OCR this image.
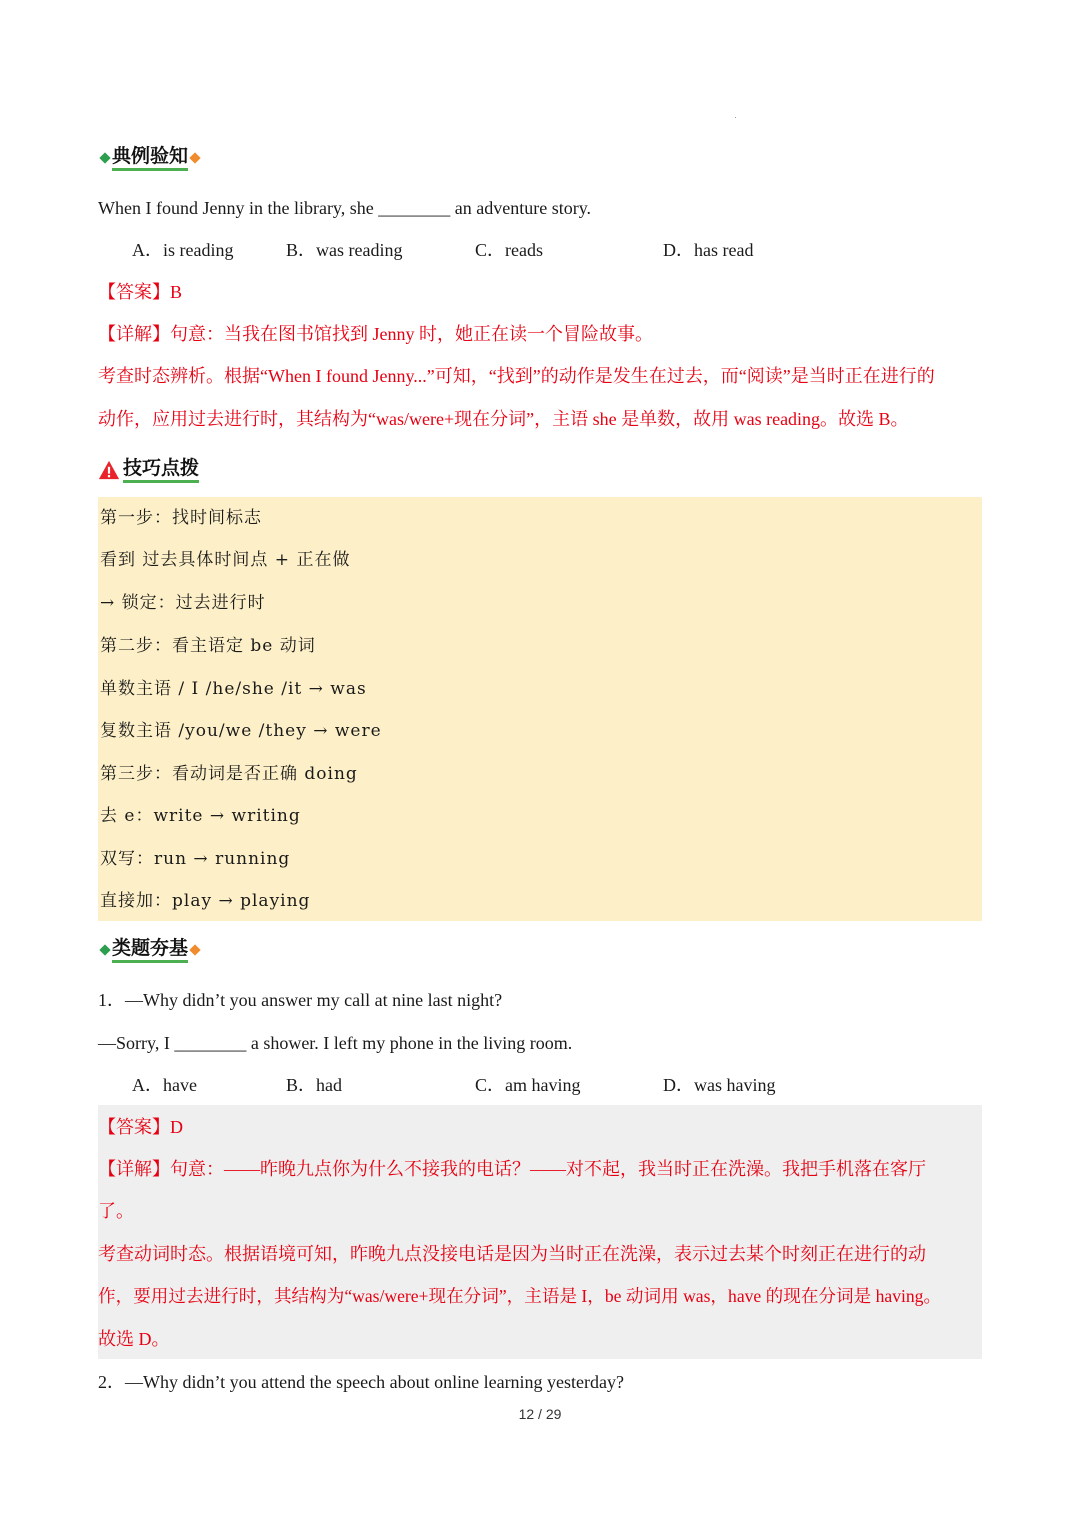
典例验知
When I found Jenny in the library, she ________ an adventure story.
A．is reading	B．was reading	C．reads	D．has read
【答案】B
【详解】句意：当我在图书馆找到 Jenny 时，她正在读一个冒险故事。
考查时态辨析。根据“When I found Jenny...”可知，“找到”的动作是发生在过去，而“阅读”是当时正在进行的
动作，应用过去进行时，其结构为“was/were+现在分词”，主语 she 是单数，故用 was reading。故选 B。
技巧点拨
第一步：找时间标志
看到 过去具体时间点 + 正在做
→ 锁定：过去进行时
第二步：看主语定 be 动词
单数主语 / I /he/she /it → was
复数主语 /you/we /they → were
第三步：看动词是否正确 doing
去 e：write → writing
双写：run → running
直接加：play → playing
类题夯基
1．—Why didn’t you answer my call at nine last night?
—Sorry, I ________ a shower. I left my phone in the living room.
A．have	B．had	C．am having	D．was having
【答案】D
【详解】句意：——昨晚九点你为什么不接我的电话？——对不起，我当时正在洗澡。我把手机落在客厅
了。
考查动词时态。根据语境可知，昨晚九点没接电话是因为当时正在洗澡，表示过去某个时刻正在进行的动
作，要用过去进行时，其结构为“was/were+现在分词”，主语是 I，be 动词用 was，have 的现在分词是 having。
故选 D。
2．—Why didn’t you attend the speech about online learning yesterday?
12 / 29
